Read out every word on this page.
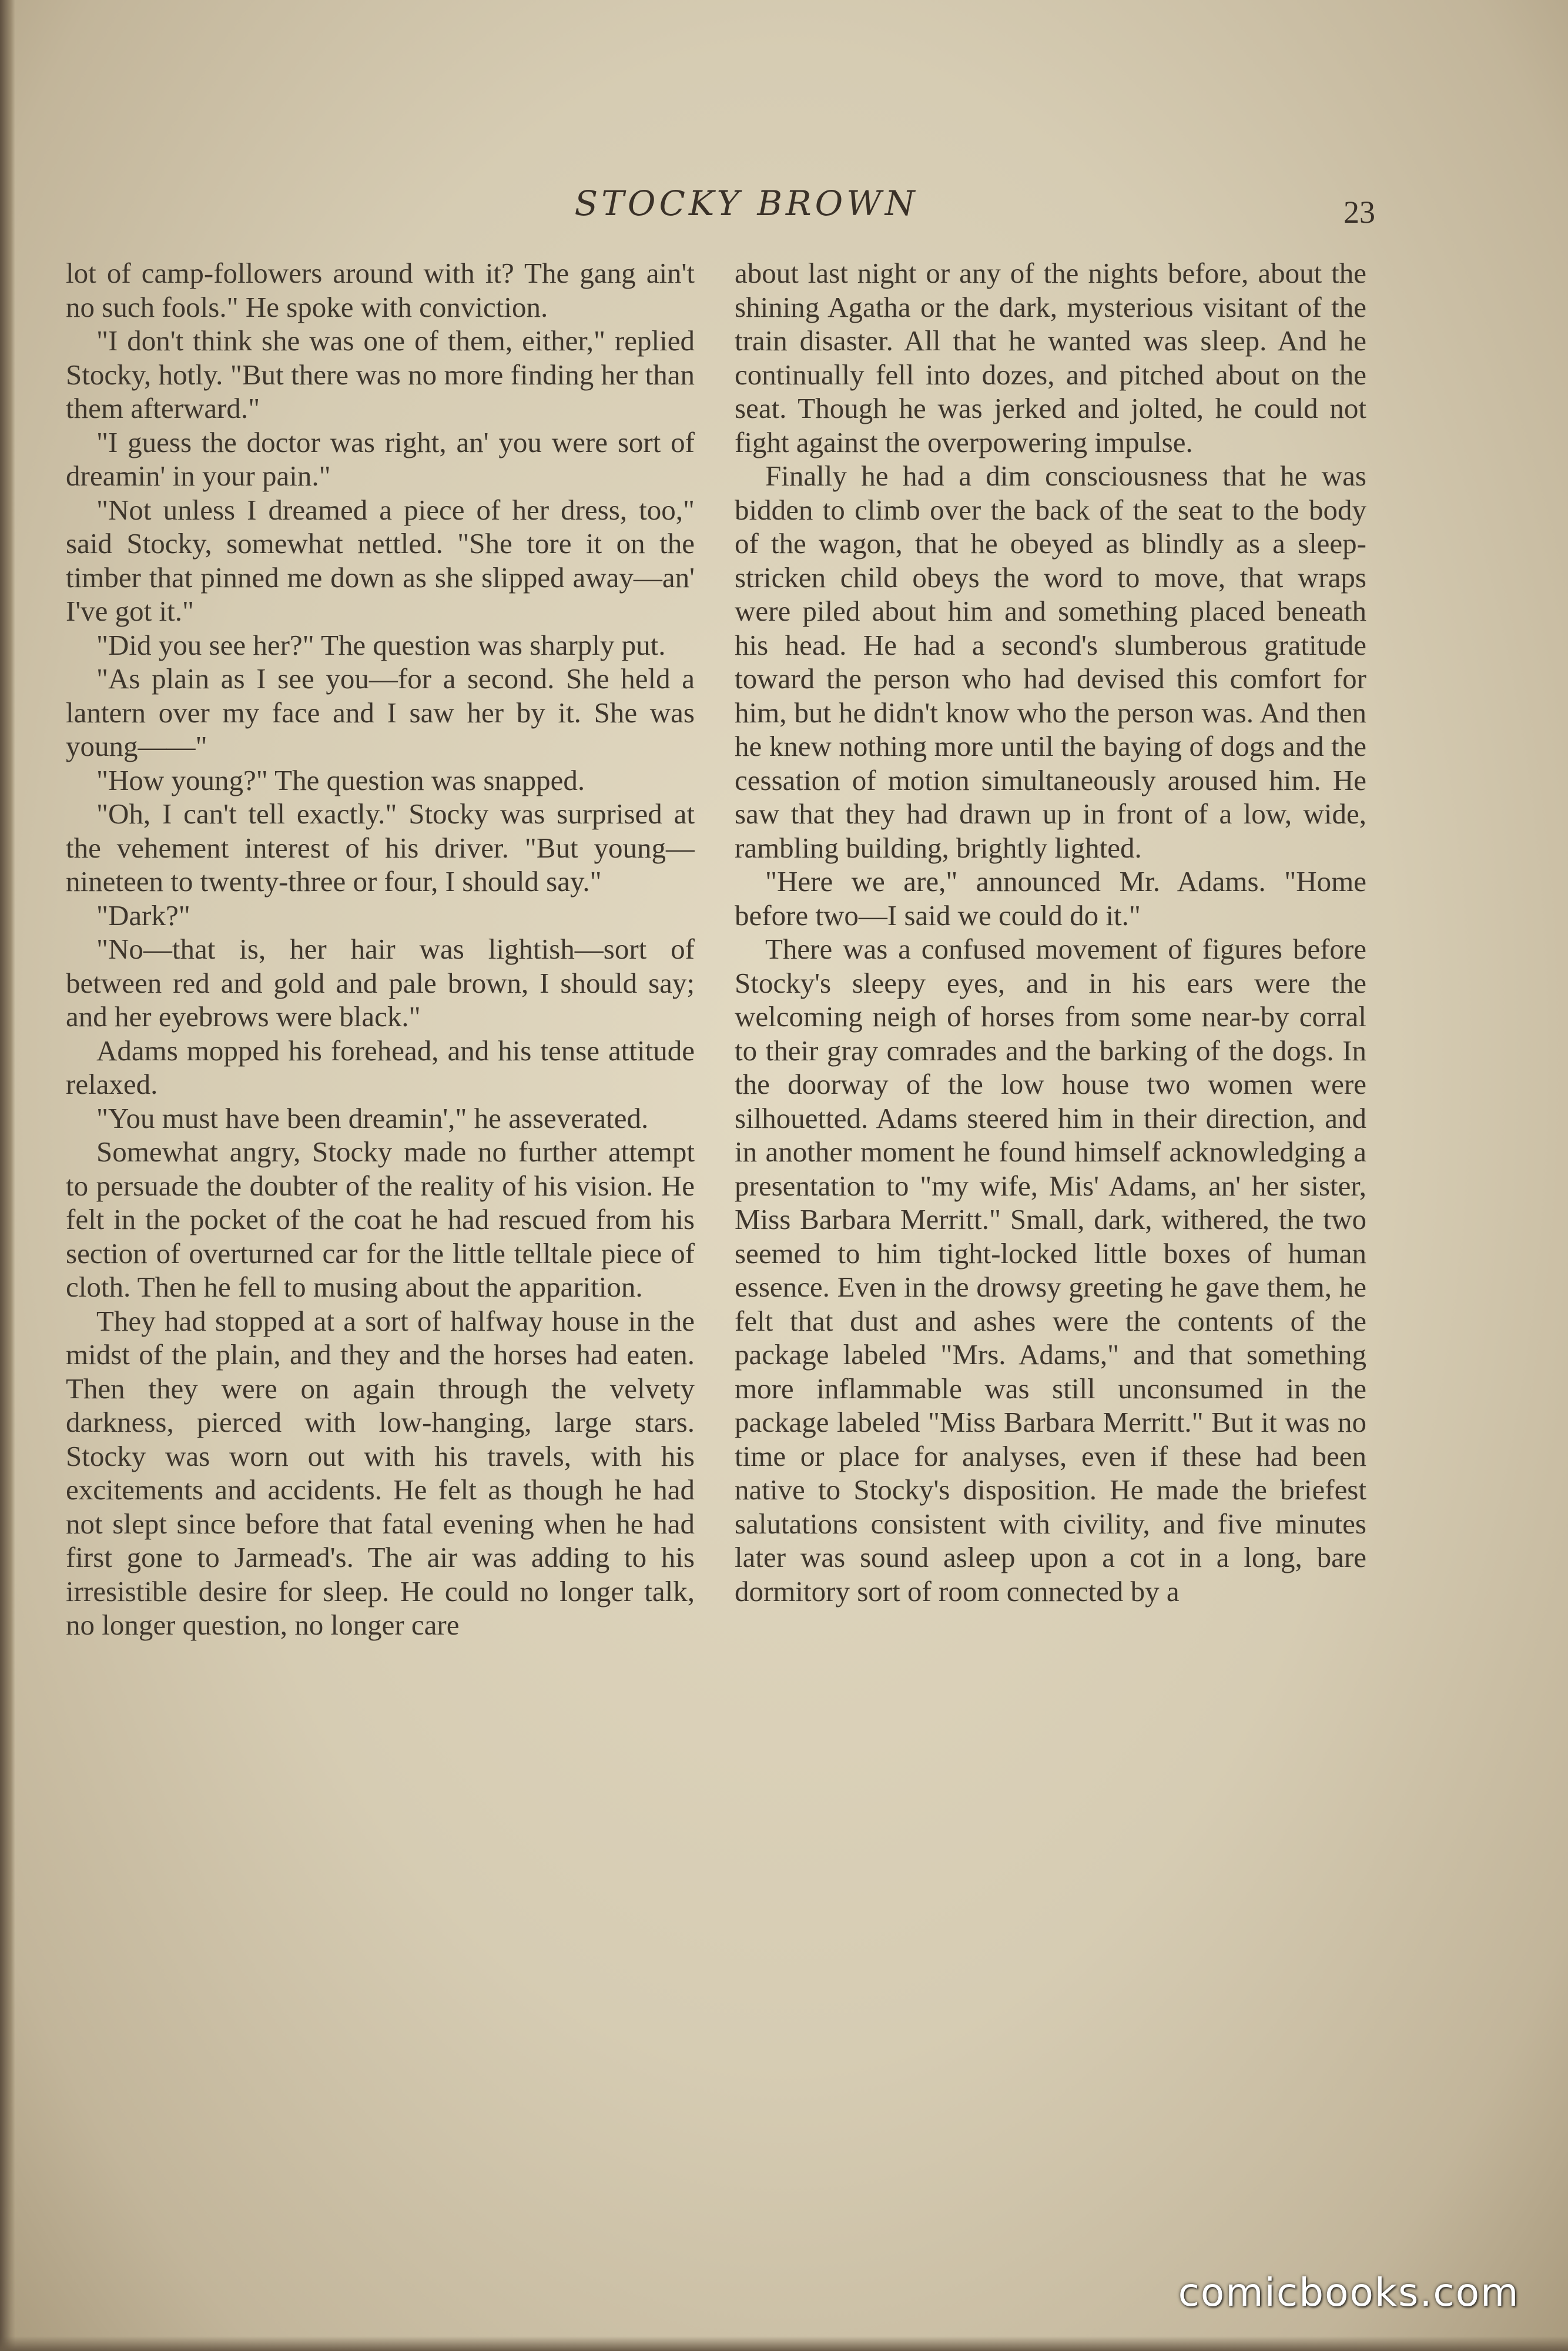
STOCKY BROWN	23

lot of camp-followers around with it? The gang ain't no such fools." He spoke with conviction.

"I don't think she was one of them, either," replied Stocky, hotly. "But there was no more finding her than them afterward."

"I guess the doctor was right, an' you were sort of dreamin' in your pain."

"Not unless I dreamed a piece of her dress, too," said Stocky, somewhat nettled. "She tore it on the timber that pinned me down as she slipped away—an' I've got it."

"Did you see her?" The question was sharply put.

"As plain as I see you—for a second. She held a lantern over my face and I saw her by it. She was young——"

"How young?" The question was snapped.

"Oh, I can't tell exactly." Stocky was surprised at the vehement interest of his driver. "But young—nineteen to twenty-three or four, I should say."

"Dark?"

"No—that is, her hair was lightish—sort of between red and gold and pale brown, I should say; and her eyebrows were black."

Adams mopped his forehead, and his tense attitude relaxed.

"You must have been dreamin'," he asseverated.

Somewhat angry, Stocky made no further attempt to persuade the doubter of the reality of his vision. He felt in the pocket of the coat he had rescued from his section of overturned car for the little telltale piece of cloth. Then he fell to musing about the apparition.

They had stopped at a sort of halfway house in the midst of the plain, and they and the horses had eaten. Then they were on again through the velvety darkness, pierced with low-hanging, large stars. Stocky was worn out with his travels, with his excitements and accidents. He felt as though he had not slept since before that fatal evening when he had first gone to Jarmead's. The air was adding to his irresistible desire for sleep. He could no longer talk, no longer question, no longer care

about last night or any of the nights before, about the shining Agatha or the dark, mysterious visitant of the train disaster. All that he wanted was sleep. And he continually fell into dozes, and pitched about on the seat. Though he was jerked and jolted, he could not fight against the overpowering impulse.

Finally he had a dim consciousness that he was bidden to climb over the back of the seat to the body of the wagon, that he obeyed as blindly as a sleep-stricken child obeys the word to move, that wraps were piled about him and something placed beneath his head. He had a second's slumberous gratitude toward the person who had devised this comfort for him, but he didn't know who the person was. And then he knew nothing more until the baying of dogs and the cessation of motion simultaneously aroused him. He saw that they had drawn up in front of a low, wide, rambling building, brightly lighted.

"Here we are," announced Mr. Adams. "Home before two—I said we could do it."

There was a confused movement of figures before Stocky's sleepy eyes, and in his ears were the welcoming neigh of horses from some near-by corral to their gray comrades and the barking of the dogs. In the doorway of the low house two women were silhouetted. Adams steered him in their direction, and in another moment he found himself acknowledging a presentation to "my wife, Mis' Adams, an' her sister, Miss Barbara Merritt." Small, dark, withered, the two seemed to him tight-locked little boxes of human essence. Even in the drowsy greeting he gave them, he felt that dust and ashes were the contents of the package labeled "Mrs. Adams," and that something more inflammable was still unconsumed in the package labeled "Miss Barbara Merritt." But it was no time or place for analyses, even if these had been native to Stocky's disposition. He made the briefest salutations consistent with civility, and five minutes later was sound asleep upon a cot in a long, bare dormitory sort of room connected by a

comicbooks.com
